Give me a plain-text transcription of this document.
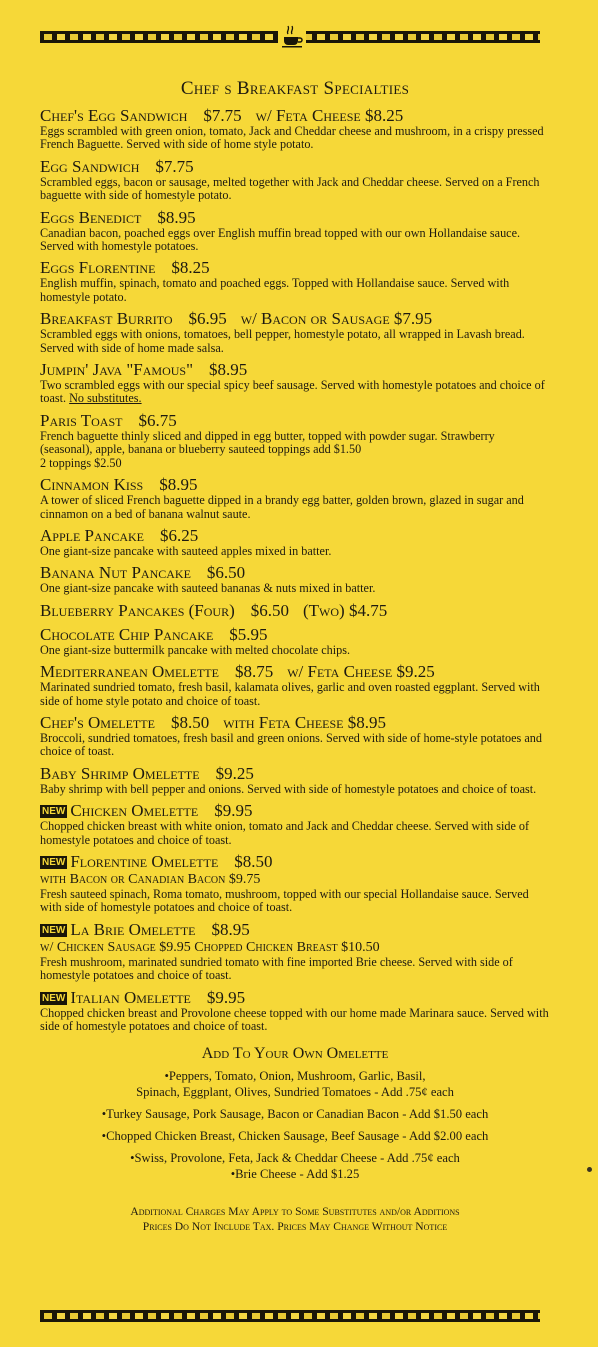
Chef s Breakfast Specialties
Chef's Egg Sandwich $7.75 w/ Feta Cheese $8.25
Eggs scrambled with green onion, tomato, Jack and Cheddar cheese and mushroom, in a crispy pressed French Baguette. Served with side of home style potato.
Egg Sandwich $7.75
Scrambled eggs, bacon or sausage, melted together with Jack and Cheddar cheese. Served on a French baguette with side of homestyle potato.
Eggs Benedict $8.95
Canadian bacon, poached eggs over English muffin bread topped with our own Hollandaise sauce. Served with homestyle potatoes.
Eggs Florentine $8.25
English muffin, spinach, tomato and poached eggs. Topped with Hollandaise sauce. Served with homestyle potato.
Breakfast Burrito $6.95 w/ Bacon or Sausage $7.95
Scrambled eggs with onions, tomatoes, bell pepper, homestyle potato, all wrapped in Lavash bread. Served with side of home made salsa.
Jumpin' Java "Famous" $8.95
Two scrambled eggs with our special spicy beef sausage. Served with homestyle potatoes and choice of toast. No substitutes.
Paris Toast $6.75
French baguette thinly sliced and dipped in egg butter, topped with powder sugar. Strawberry (seasonal), apple, banana or blueberry sauteed toppings add $1.50
2 toppings $2.50
Cinnamon Kiss $8.95
A tower of sliced French baguette dipped in a brandy egg batter, golden brown, glazed in sugar and cinnamon on a bed of banana walnut saute.
Apple Pancake $6.25
One giant-size pancake with sauteed apples mixed in batter.
Banana Nut Pancake $6.50
One giant-size pancake with sauteed bananas & nuts mixed in batter.
Blueberry Pancakes (Four) $6.50 (Two) $4.75
Chocolate Chip Pancake $5.95
One giant-size buttermilk pancake with melted chocolate chips.
Mediterranean Omelette $8.75 w/ Feta Cheese $9.25
Marinated sundried tomato, fresh basil, kalamata olives, garlic and oven roasted eggplant. Served with side of home style potato and choice of toast.
Chef's Omelette $8.50 with Feta Cheese $8.95
Broccoli, sundried tomatoes, fresh basil and green onions. Served with side of home-style potatoes and choice of toast.
Baby Shrimp Omelette $9.25
Baby shrimp with bell pepper and onions. Served with side of homestyle potatoes and choice of toast.
NEW Chicken Omelette $9.95
Chopped chicken breast with white onion, tomato and Jack and Cheddar cheese. Served with side of homestyle potatoes and choice of toast.
NEW Florentine Omelette $8.50
with Bacon or Canadian Bacon $9.75
Fresh sauteed spinach, Roma tomato, mushroom, topped with our special Hollandaise sauce. Served with side of homestyle potatoes and choice of toast.
NEW La Brie Omelette $8.95
w/ Chicken Sausage $9.95 Chopped Chicken Breast $10.50
Fresh mushroom, marinated sundried tomato with fine imported Brie cheese. Served with side of homestyle potatoes and choice of toast.
NEW Italian Omelette $9.95
Chopped chicken breast and Provolone cheese topped with our home made Marinara sauce. Served with side of homestyle potatoes and choice of toast.
Add To Your Own Omelette

•Peppers, Tomato, Onion, Mushroom, Garlic, Basil,
Spinach, Eggplant, Olives, Sundried Tomatoes - Add .75¢ each

•Turkey Sausage, Pork Sausage, Bacon or Canadian Bacon - Add $1.50 each

•Chopped Chicken Breast, Chicken Sausage, Beef Sausage - Add $2.00 each

•Swiss, Provolone, Feta, Jack & Cheddar Cheese - Add .75¢ each
•Brie Cheese - Add $1.25

Additional Charges May Apply to Some Substitutes and/or Additions
Prices Do Not Include Tax. Prices May Change Without Notice
